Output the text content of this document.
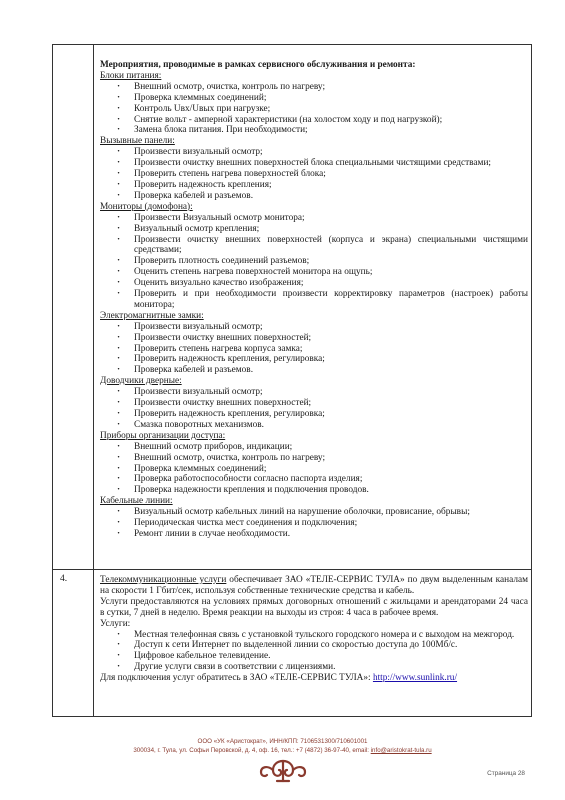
Мероприятия, проводимые в рамках сервисного обслуживания и ремонта:
Блоки питания:
· Внешний осмотр, очистка, контроль по нагреву;
· Проверка клеммных соединений;
· Контроль Uвх/Uвых при нагрузке;
· Снятие вольт - амперной характеристики (на холостом ходу и под нагрузкой);
· Замена блока питания. При необходимости;
Вызывные панели:
· Произвести визуальный осмотр;
· Произвести очистку внешних поверхностей блока специальными чистящими средствами;
· Проверить степень нагрева поверхностей блока;
· Проверить надежность крепления;
· Проверка кабелей и разъемов.
Мониторы (домофона):
· Произвести Визуальный осмотр монитора;
· Визуальный осмотр крепления;
· Произвести очистку внешних поверхностей (корпуса и экрана) специальными чистящими средствами;
· Проверить плотность соединений разъемов;
· Оценить степень нагрева поверхностей монитора на ощупь;
· Оценить визуально качество изображения;
· Проверить и при необходимости произвести корректировку параметров (настроек) работы монитора;
Электромагнитные замки:
· Произвести визуальный осмотр;
· Произвести очистку внешних поверхностей;
· Проверить степень нагрева корпуса замка;
· Проверить надежность крепления, регулировка;
· Проверка кабелей и разъемов.
Доводчики дверные:
· Произвести визуальный осмотр;
· Произвести очистку внешних поверхностей;
· Проверить надежность крепления, регулировка;
· Смазка поворотных механизмов.
Приборы организации доступа:
· Внешний осмотр приборов, индикации;
· Внешний осмотр, очистка, контроль по нагреву;
· Проверка клеммных соединений;
· Проверка работоспособности согласно паспорта изделия;
· Проверка надежности крепления и подключения проводов.
Кабельные линии:
· Визуальный осмотр кабельных линий на нарушение оболочки, провисание, обрывы;
· Периодическая чистка мест соединения и подключения;
· Ремонт линии в случае необходимости.
4.	Телекоммуникационные услуги обеспечивает ЗАО «ТЕЛЕ-СЕРВИС ТУЛА» по двум выделенным каналам на скорости 1 Гбит/сек, используя собственные технические средства и кабель.
Услуги предоставляются на условиях прямых договорных отношений с жильцами и арендаторами 24 часа в сутки, 7 дней в неделю. Время реакции на выходы из строя: 4 часа в рабочее время.
Услуги:
· Местная телефонная связь с установкой тульского городского номера и с выходом на межгород.
· Доступ к сети Интернет по выделенной линии со скоростью доступа до 100Мб/с.
· Цифровое кабельное телевидение.
· Другие услуги связи в соответствии с лицензиями.
Для подключения услуг обратитесь в ЗАО «ТЕЛЕ-СЕРВИС ТУЛА»: http://www.sunlink.ru/
ООО «УК «Аристократ», ИНН/КПП: 7106531300/710601001
300034, г. Тула, ул. Софьи Перовской, д. 4, оф. 16, тел.: +7 (4872) 36-97-40, email: info@aristokrat-tula.ru
Страница 28
